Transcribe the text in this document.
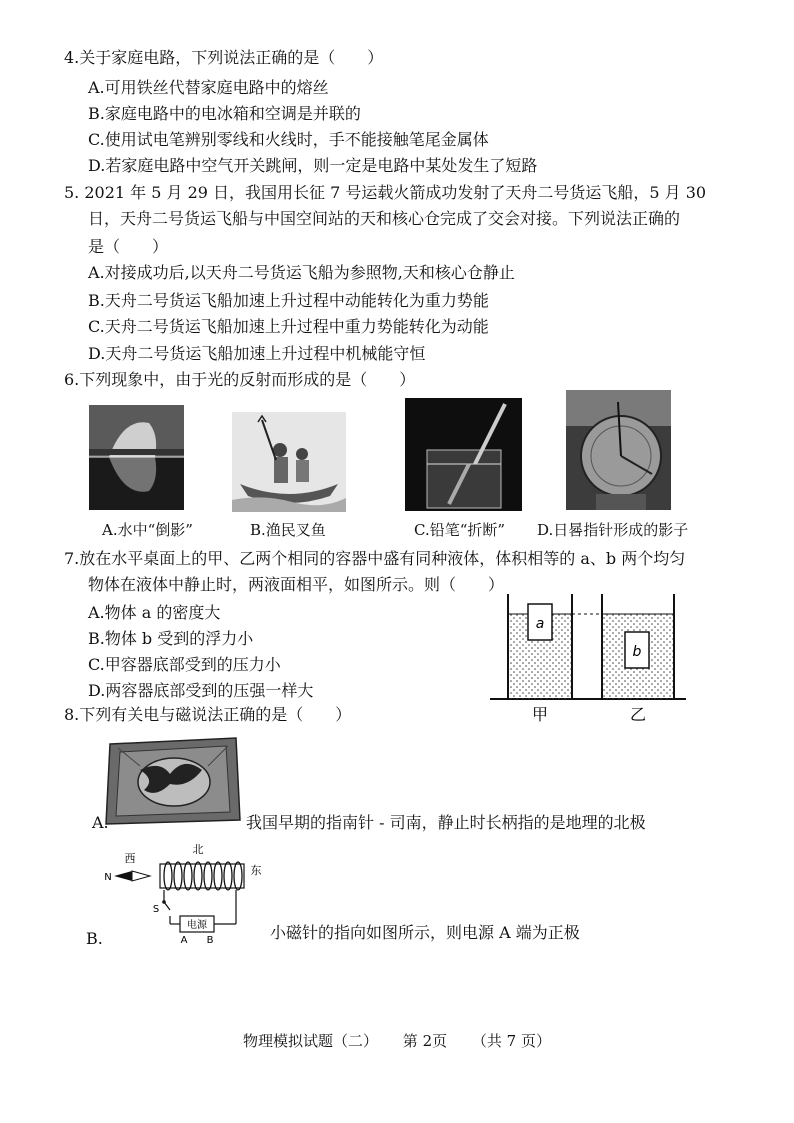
4.关于家庭电路，下列说法正确的是（　　）
A.可用铁丝代替家庭电路中的熔丝
B.家庭电路中的电冰箱和空调是并联的
C.使用试电笔辨别零线和火线时，手不能接触笔尾金属体
D.若家庭电路中空气开关跳闸，则一定是电路中某处发生了短路
5. 2021 年 5 月 29 日，我国用长征 7 号运载火箭成功发射了天舟二号货运飞船，5 月 30
日，天舟二号货运飞船与中国空间站的天和核心仓完成了交会对接。下列说法正确的
是（　　）
A.对接成功后,以天舟二号货运飞船为参照物,天和核心仓静止
B.天舟二号货运飞船加速上升过程中动能转化为重力势能
C.天舟二号货运飞船加速上升过程中重力势能转化为动能
D.天舟二号货运飞船加速上升过程中机械能守恒
6.下列现象中，由于光的反射而形成的是（　　）
A.水中“倒影”	B.渔民叉鱼	C.铅笔“折断” D.日晷指针形成的影子
7.放在水平桌面上的甲、乙两个相同的容器中盛有同种液体，体积相等的 a、b 两个均匀
物体在液体中静止时，两液面相平，如图所示。则（　　）
A.物体 a 的密度大
B.物体 b 受到的浮力小
C.甲容器底部受到的压力小
D.两容器底部受到的压强一样大
a
b
甲	乙
8.下列有关电与磁说法正确的是（　　）
A.	我国早期的指南针 - 司南，静止时长柄指的是地理的北极
北
西
东
N
S
电源
A B
B.	小磁针的指向如图所示，则电源 A 端为正极
物理模拟试题（二） 第 2页 （共 7 页）
